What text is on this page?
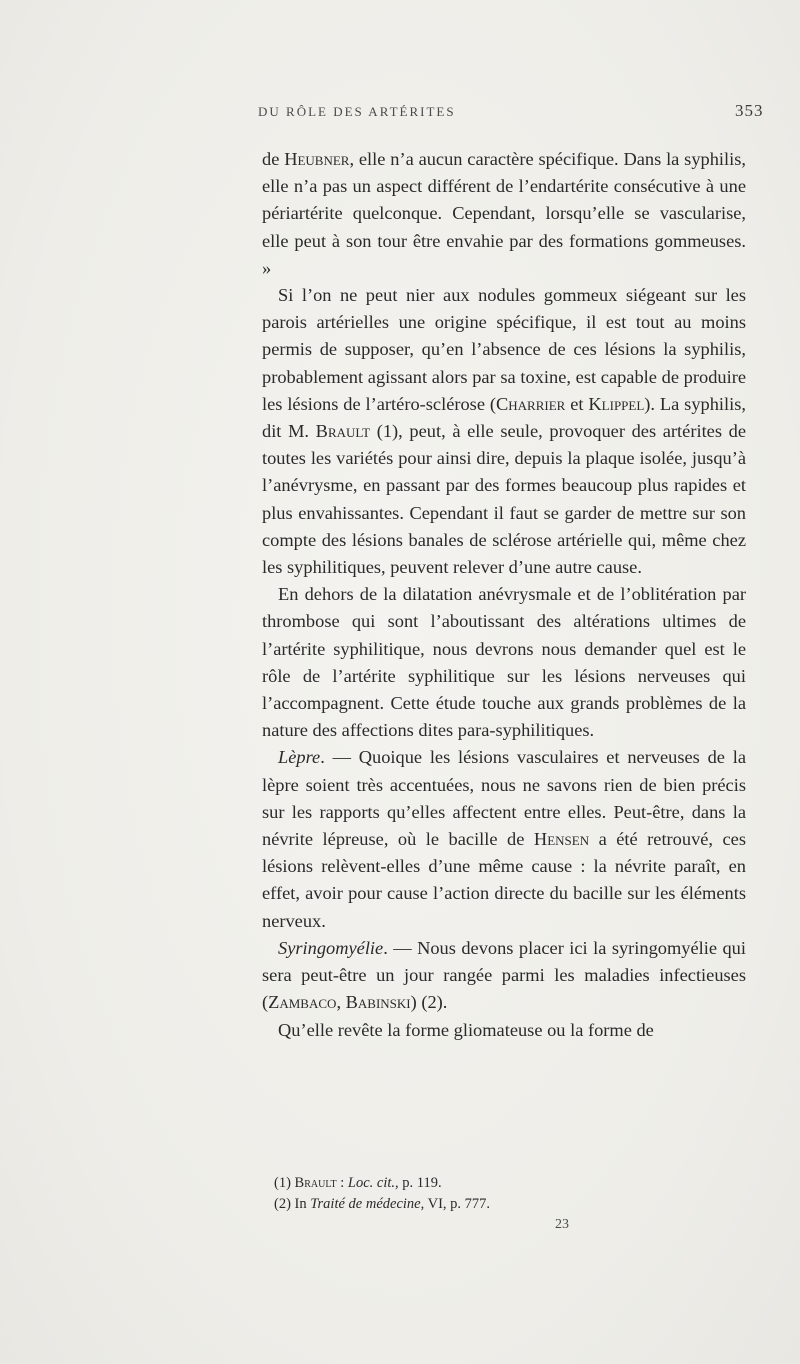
DU RÔLE DES ARTÉRITES	353

de Heubner, elle n’a aucun caractère spécifique. Dans la syphilis, elle n’a pas un aspect différent de l’endartérite consécutive à une périartérite quelconque. Cependant, lorsqu’elle se vascularise, elle peut à son tour être envahie par des formations gommeuses. »

Si l’on ne peut nier aux nodules gommeux siégeant sur les parois artérielles une origine spécifique, il est tout au moins permis de supposer, qu’en l’absence de ces lésions la syphilis, probablement agissant alors par sa toxine, est capable de produire les lésions de l’artéro-sclérose (Charrier et Klippel). La syphilis, dit M. Brault (1), peut, à elle seule, provoquer des artérites de toutes les variétés pour ainsi dire, depuis la plaque isolée, jusqu’à l’anévrysme, en passant par des formes beaucoup plus rapides et plus envahissantes. Cependant il faut se garder de mettre sur son compte des lésions banales de sclérose artérielle qui, même chez les syphilitiques, peuvent relever d’une autre cause.

En dehors de la dilatation anévrysmale et de l’oblitération par thrombose qui sont l’aboutissant des altérations ultimes de l’artérite syphilitique, nous devrons nous demander quel est le rôle de l’artérite syphilitique sur les lésions nerveuses qui l’accompagnent. Cette étude touche aux grands problèmes de la nature des affections dites para-syphilitiques.

Lèpre. — Quoique les lésions vasculaires et nerveuses de la lèpre soient très accentuées, nous ne savons rien de bien précis sur les rapports qu’elles affectent entre elles. Peut-être, dans la névrite lépreuse, où le bacille de Hensen a été retrouvé, ces lésions relèvent-elles d’une même cause : la névrite paraît, en effet, avoir pour cause l’action directe du bacille sur les éléments nerveux.

Syringomyélie. — Nous devons placer ici la syringomyélie qui sera peut-être un jour rangée parmi les maladies infectieuses (Zambaco, Babinski) (2).

Qu’elle revête la forme gliomateuse ou la forme de

(1) Brault : Loc. cit., p. 119.

(2) In Traité de médecine, VI, p. 777.

23
